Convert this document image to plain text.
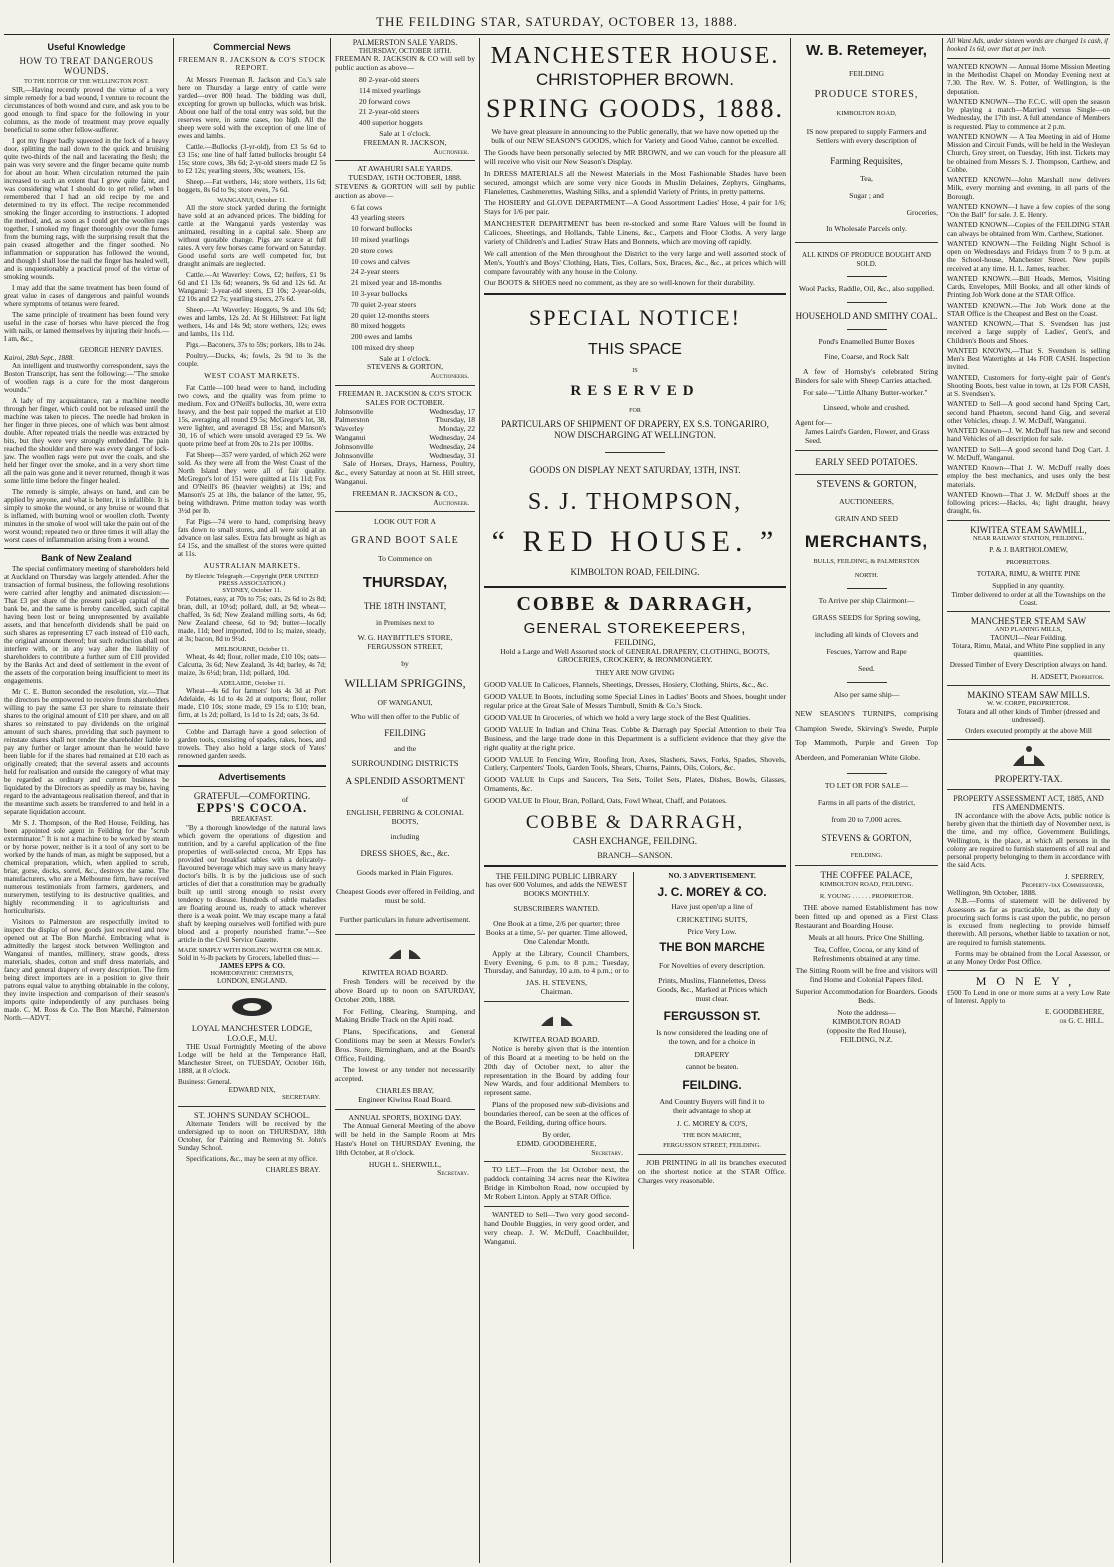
THE FEILDING STAR, SATURDAY, OCTOBER 13, 1888.
Useful Knowledge
HOW TO TREAT DANGEROUS WOUNDS.
TO THE EDITOR OF THE WELLINGTON POST.

SIR,—Having recently proved the virtue of a very simple remedy for a bad wound, I venture to recount the circumstances of both wound and cure, and ask you to be good enough to find space for the following in your columns, as the mode of treatment may prove equally beneficial to some other fellow-sufferer.

I got my finger badly squeezed in the lock of a heavy door, splitting the nail down to the quick and bruising quite two-thirds of the nail and lacerating the flesh; the pain was very severe and the finger became quite numb for about an hour. When circulation returned the pain increased to such an extent that I grew quite faint, and was considering what I should do to get relief, when I remembered that I had an old recipe by me and determined to try its effect. The recipe recommended smoking the finger according to instructions. I adopted the method, and, as soon as I could get the woollen rags together, I smoked my finger thoroughly over the fumes from the burning rags, with the surprising result that the pain ceased altogether and the finger soothed. No inflammation or suppuration has followed the wound, and though I shall lose the nail the finger has healed well, and is unquestionably a practical proof of the virtue of smoking wounds.

I may add that the same treatment has been found of great value in cases of dangerous and painful wounds where symptoms of tetanus were feared.

The same principle of treatment has been found very useful in the case of horses who have pierced the frog with nails, or lamed themselves by injuring their hoofs.—I am, &c.,

GEORGE HENRY DAVIES.
Kairoi, 28th Sept., 1888.

An intelligent and trustworthy correspondent, says the Boston Transcript, has sent the following:—"The smoke of woollen rags is a cure for the most dangerous wounds."

A lady of my acquaintance, ran a machine needle through her finger, which could not be released until the machine was taken to pieces. The needle had broken in her finger in three pieces, one of which was bent almost double. After repeated trials the needle was extracted by bits, but they were very strongly embedded. The pain reached the shoulder and there was every danger of lock-jaw. The woollen rags were put over the coals, and she held her finger over the smoke, and in a very short time all the pain was gone and it never returned, though it was some little time before the finger healed.

The remedy is simple, always on hand, and can be applied by anyone, and what is better, it is infallible. It is simply to smoke the wound, or any bruise or wound that is inflamed, with burning wool or woollen cloth. Twenty minutes in the smoke of wool will take the pain out of the worst wound; repeated two or three times it will allay the worst cases of inflammation arising from a wound.

Bank of New Zealand

The special confirmatory meeting of shareholders held at Auckland on Thursday was largely attended. After the transaction of formal business, the following resolutions were carried after lengthy and animated discussion:—That £3 per share of the present paid-up capital of the bank be, and the same is hereby cancelled, such capital having been lost or being unrepresented by available assets, and that henceforth dividends shall be paid on such shares as representing £7 each instead of £10 each, the original amount thereof; but such reduction shall not interfere with, or in any way alter the liability of shareholders to contribute a further sum of £10 provided by the Banks Act and deed of settlement in the event of the assets of the corporation being insufficient to meet its engagements.

Mr C. E. Button seconded the resolution, viz.—That the directors be empowered to receive from shareholders willing to pay the same £3 per share to reinstate their shares to the original amount of £10 per share, and on all shares so reinstated to pay dividends on the original amount of such shares, providing that such payment to reinstate shares shall not render the shareholder liable to pay any further or larger amount than he would have been liable for if the shares had remained at £10 each as originally created; that the several assets and accounts held for realisation and outside the category of what may be regarded as ordinary and current business be liquidated by the Directors as speedily as may be, having regard to the advantageous realisation thereof, and that in the meantime such assets be transferred to and held in a separate liquidation account.

Mr S. J. Thompson, of the Red House, Feilding, has been appointed sole agent in Feilding for the "scrub exterminator." It is not a machine to be worked by steam or by horse power, neither is it a tool of any sort to be worked by the hands of man, as might be supposed, but a chemical preparation, which, when applied to scrub, briar, gorse, docks, sorrel, &c., destroys the same. The manufacturers, who are a Melbourne firm, have received numerous testimonials from farmers, gardeners, and nurserymen, testifying to its destructive qualities, and highly recommending it to agriculturists and horticulturists.

Visitors to Palmerston are respectfully invited to inspect the display of new goods just received and now opened out at The Bon Marché. Embracing what is admittedly the largest stock between Wellington and Wanganui of mantles, millinery, straw goods, dress materials, shades, cotton and stuff dress materials, and fancy and general drapery of every description. The firm being direct importers are in a position to give their patrons equal value to anything obtainable in the colony, they invite inspection and comparison of their season's imports quite independently of any purchases being made. C. M. Ross & Co. The Bon Marché, Palmerston North.—ADVT.

Commercial News
FREEMAN R. JACKSON & CO'S STOCK REPORT.

At Messrs Freeman R. Jackson and Co.'s sale here on Thursday a large entry of cattle were yarded—over 800 head. The bidding was dull, excepting for grown up bullocks, which was brisk. About one half of the total entry was sold, but the reserves were, in some cases, too high. All the sheep were sold with the exception of one line of ewes and lambs.

Cattle.—Bullocks (3-yr-old), from £3 5s 6d to £3 15s; one line of half fatted bullocks brought £4 15s; store cows, 38s 6d; 2-yr-old steers made £2 5s to £2 12s; yearling steers, 30s; weaners, 15s.

Sheep.—Fat wethers, 14s; store wethers, 11s 6d; hoggets, 8s 6d to 9s; store ewes, 7s 6d.

WANGANUI, October 11.

All the store stock yarded during the fortnight have sold at an advanced prices. The bidding for cattle at the Wanganui yards yesterday was animated, resulting in a capital sale. Sheep are without quotable change. Pigs are scarce at full rates. A very few horses came forward on Saturday. Good useful sorts are well competed for, but draught animals are neglected.

Cattle.—At Waverley: Cows, £2; heifers, £1 9s 6d and £1 13s 6d; weaners, 9s 6d and 12s 6d. At Wanganui: 3-year-old steers, £3 10s; 2-year-olds, £2 10s and £2 7s; yearling steers, 27s 6d.

Sheep.—At Waverley: Hoggets, 9s and 10s 6d; ewes and lambs, 12s 2d. At St Hillstreet: Fat light wethers, 14s and 14s 9d; store wethers, 12s; ewes and lambs, 11s 11d.

Pigs.—Baconers, 37s to 59s; porkers, 18s to 24s.

Poultry.—Ducks, 4s; fowls, 2s 9d to 3s the couple.

WEST COAST MARKETS.

Fat Cattle—100 head were to hand, including two cows, and the quality was from prime to medium. Fox and O'Neill's bullocks, 30, were extra heavy, and the best pair topped the market at £10 15s, averaging all round £9 5s; McGregor's lot, 38, were lighter, and averaged £8 15s; and Manson's 30, 16 of which were unsold averaged £9 5s. We quote prime beef at from 20s to 21s per 100lbs.

Fat Sheep—357 were yarded, of which 262 were sold. As they were all from the West Coast of the North Island they were all of fair quality. McGregor's lot of 151 were quitted at 11s 11d; Fox and O'Neill's 86 (heavier weights) at 19s; and Manson's 25 at 18s, the balance of the latter, 95, being withdrawn. Prime mutton today was worth 3½d per lb.

Fat Pigs—74 were to hand, comprising heavy fats down to small stores, and all were sold at an advance on last sales. Extra fats brought as high as £4 15s, and the smallest of the stores were quitted at 11s.

AUSTRALIAN MARKETS.
By Electric Telegraph.—Copyright (PER UNITED PRESS ASSOCIATION.)
SYDNEY, October 11.

Potatoes, easy, at 70s to 75s; oats, 2s 6d to 2s 8d; bran, dull, at 10½d; pollard, dull, at 9d; wheat—chaffed, 3s 6d; New Zealand milling sorts, 4s 6d; New Zealand cheese, 6d to 9d; butter—locally made, 11d; beef imported, 10d to 1s; maize, steady, at 3s; bacon, 8d to 9½d.

MELBOURNE, October 11.

Wheat, 4s 4d; flour, roller made, £10 10s; oats—Calcutta, 3s 6d; New Zealand, 3s 4d; barley, 4s 7d; maize, 3s 6½d; bran, 11d; pollard, 10d.

ADELAIDE, October 11.

Wheat—4s 6d for farmers' lots 4s 3d at Port Adelaide, 4s 1d to 4s 2d at outports; flour, roller made, £10 10s; stone made, £9 15s to £10; bran, firm, at 1s 2d; pollard, 1s 1d to 1s 2d; oats, 3s 6d.

Cobbe and Darragh have a good selection of garden tools, consisting of spades, rakes, hoes, and trowels. They also hold a large stock of Yates' renowned garden seeds.

Advertisements
GRATEFUL—COMFORTING.
EPPS'S COCOA.
BREAKFAST.

"By a thorough knowledge of the natural laws which govern the operations of digestion and nutrition, and by a careful application of the fine properties of well-selected cocoa, Mr Epps has provided our breakfast tables with a delicately-flavoured beverage which may save us many heavy doctor's bills. It is by the judicious use of such articles of diet that a constitution may be gradually built up until strong enough to resist every tendency to disease. Hundreds of subtle maladies are floating around us, ready to attack wherever there is a weak point. We may escape many a fatal shaft by keeping ourselves well fortified with pure blood and a properly nourished frame."—See article in the Civil Service Gazette.

MADE SIMPLY WITH BOILING WATER OR MILK.
Sold in ½-lb packets by Grocers, labelled thus:—
JAMES EPPS & CO.
HOMŒOPATHIC CHEMISTS,
LONDON, ENGLAND.
LOYAL MANCHESTER LODGE, I.O.O.F., M.U.

THE Usual Fortnightly Meeting of the above Lodge will be held at the Temperance Hall, Manchester Street, on TUESDAY, October 16th, 1888, at 8 o'clock.

Business: General.
EDWARD NIX,
SECRETARY.
ST. JOHN'S SUNDAY SCHOOL.

Alternate Tenders will be received by the undersigned up to noon on THURSDAY, 18th October, for Painting and Removing St. John's Sunday School.

Specifications, &c., may be seen at my office.

CHARLES BRAY.
PALMERSTON SALE YARDS.
THURSDAY, OCTOBER 18TH.

FREEMAN R. JACKSON & CO will sell by public auction as above—

80 2-year-old steers
114 mixed yearlings
20 forward cows
21 2-year-old steers
400 superior hoggets
Sale at 1 o'clock.
FREEMAN R. JACKSON,
Auctioneer.
AT AWAHURI SALE YARDS.
TUESDAY, 16TH OCTOBER, 1888.

STEVENS & GORTON will sell by public auction as above—

6 fat cows
43 yearling steers
10 forward bullocks
10 mixed yearlings
20 store cows
10 cows and calves
24 2-year steers
21 mixed year and 18-months
10 3-year bullocks
70 quiet 2-year steers
20 quiet 12-months steers
80 mixed hoggets
200 ewes and lambs
100 mixed dry sheep
Sale at 1 o'clock.
STEVENS & GORTON,
Auctioneers.
FREEMAN R. JACKSON & CO'S STOCK SALES FOR OCTOBER.
Johnsonville	Wednesday, 17
Palmerston	Thursday, 18
Waverley	Monday, 22
Wanganui	Wednesday, 24
Johnsonville	Wednesday, 24
Johnsonville	Wednesday, 31

Sale of Horses, Drays, Harness, Poultry, &c., every Saturday at noon at St. Hill street, Wanganui.

FREEMAN R. JACKSON & CO.,
Auctioneer.
LOOK OUT FOR A
GRAND BOOT SALE
To Commence on
THURSDAY,
THE 18TH INSTANT,
in Premises next to
W. G. HAYBITTLE'S STORE, FERGUSSON STREET,
by
WILLIAM SPRIGGINS,
OF WANGANUI,
Who will then offer to the Public of
FEILDING
and the
SURROUNDING DISTRICTS
A SPLENDID ASSORTMENT
of
ENGLISH, FEBRING & COLONIAL BOOTS,
including
DRESS SHOES, &c., &c.
Goods marked in Plain Figures.
Cheapest Goods ever offered in Feilding, and must be sold.
Further particulars in future advertisement.
KIWITEA ROAD BOARD.

Fresh Tenders will be received by the above Board up to noon on SATURDAY, October 20th, 1888.

For Felling, Clearing, Stumping, and Making Bridle Track on the Apiti road.

Plans, Specifications, and General Conditions may be seen at Messrs Fowler's Bros. Store, Birmingham, and at the Board's Office, Feilding.

The lowest or any tender not necessarily accepted.

CHARLES BRAY,
Engineer Kiwitea Road Board.
ANNUAL SPORTS, BOXING DAY.

The Annual General Meeting of the above will be held in the Sample Room at Mrs Haste's Hotel on THURSDAY Evening, the 18th October, at 8 o'clock.

HUGH L. SHERWILL,
Secretary.
MANCHESTER HOUSE.
CHRISTOPHER BROWN.
SPRING GOODS, 1888.

We have great pleasure in announcing to the Public generally, that we have now opened up the bulk of our NEW SEASON'S GOODS, which for Variety and Good Value, cannot be excelled.

The Goods have been personally selected by MR BROWN, and we can vouch for the pleasure all will receive who visit our New Season's Display.

In DRESS MATERIALS all the Newest Materials in the Most Fashionable Shades have been secured, amongst which are some very nice Goods in Muslin Delaines, Zephyrs, Ginghams, Flanelettes, Cashmerettes, Washing Silks, and a splendid Variety of Prints, in pretty patterns.

The HOSIERY and GLOVE DEPARTMENT—A Good Assortment Ladies' Hose, 4 pair for 1/6; Stays for 1/6 per pair.

MANCHESTER DEPARTMENT has been re-stocked and some Rare Values will be found in Calicoes, Sheetings, and Hollands, Table Linens, &c., Carpets and Floor Cloths. A very large variety of Children's and Ladies' Straw Hats and Bonnets, which are moving off rapidly.

We call attention of the Men throughout the District to the very large and well assorted stock of Men's, Youth's and Boys' Clothing, Hats, Ties, Collars, Sox, Braces, &c., &c., at prices which will compare favourably with any house in the Colony.

Our BOOTS & SHOES need no comment, as they are so well-known for their durability.

SPECIAL NOTICE!
THIS SPACE
IS
RESERVED
FOR
PARTICULARS OF SHIPMENT OF DRAPERY, EX S.S. TONGARIRO, NOW DISCHARGING AT WELLINGTON.
GOODS ON DISPLAY NEXT SATURDAY, 13TH, INST.
S. J. THOMPSON,
“ RED HOUSE. ”
KIMBOLTON ROAD, FEILDING.
COBBE & DARRAGH,
GENERAL STOREKEEPERS,
FEILDING,

Hold a Large and Well Assorted stock of GENERAL DRAPERY, CLOTHING, BOOTS, GROCERIES, CROCKERY, & IRONMONGERY.

THEY ARE NOW GIVING

GOOD VALUE In Calicoes, Flannels, Sheetings, Dresses, Hosiery, Clothing, Shirts, &c., &c.

GOOD VALUE In Boots, including some Special Lines in Ladies' Boots and Shoes, bought under regular price at the Great Sale of Messrs Turnbull, Smith & Co.'s Stock.

GOOD VALUE In Groceries, of which we hold a very large stock of the Best Qualities.

GOOD VALUE In Indian and China Teas. Cobbe & Darragh pay Special Attention to their Tea Business, and the large trade done in this Department is a sufficient evidence that they give the right quality at the right price.

GOOD VALUE In Fencing Wire, Roofing Iron, Axes, Slashers, Saws, Forks, Spades, Shovels, Cutlery, Carpenters' Tools, Garden Tools, Shears, Churns, Paints, Oils, Colors, &c.

GOOD VALUE In Cups and Saucers, Tea Sets, Toilet Sets, Plates, Dishes, Bowls, Glasses, Ornaments, &c.

GOOD VALUE In Flour, Bran, Pollard, Oats, Fowl Wheat, Chaff, and Potatoes.

COBBE & DARRAGH,
CASH EXCHANGE, FEILDING.
BRANCH—SANSON.
THE FEILDING PUBLIC LIBRARY

has over 600 Volumes, and adds the NEWEST BOOKS MONTHLY.

SUBSCRIBERS WANTED.

One Book at a time, 2/6 per quarter; three Books at a time, 5/- per quarter. Time allowed, One Calendar Month.

Apply at the Library, Council Chambers, Every Evening, 6 p.m. to 8 p.m.; Tuesday, Thursday, and Saturday, 10 a.m. to 4 p.m.; or to

JAS. H. STEVENS,
Chairman.
KIWITEA ROAD BOARD.

Notice is hereby given that is the intention of this Board at a meeting to be held on the 20th day of October next, to alter the representation in the Board by adding four New Wards, and four additional Members to represent same.

Plans of the proposed new sub-divisions and boundaries thereof, can be seen at the offices of the Board, Feilding, during office hours.

By order,
EDMD. GOODBEHERE,
Secretary.

TO LET—From the 1st October next, the paddock containing 34 acres near the Kiwitea Bridge in Kimbolton Road, now occupied by Mr Robert Linton. Apply at STAR Office.

WANTED to Sell—Two very good second-hand Double Buggies, in very good order, and very cheap. J. W. McDuff, Coachbuilder, Wanganui.

NO. 3 ADVERTISEMENT.
J. C. MOREY & CO.
Have just open'up a line of
CRICKETING SUITS,
Price Very Low.
THE BON MARCHE
For Novelties of every description.
Prints, Muslins, Flannelettes, Dress Goods, &c., Marked at Prices which must clear.
FERGUSSON ST.
Is now considered the leading one of the town, and for a choice in
DRAPERY
cannot be beaten.
FEILDING.
And Country Buyers will find it to their advantage to shop at
J. C. MOREY & CO'S,
THE BON MARCHE,
FERGUSSON STREET, FEILDING.

JOB PRINTING in all its branches executed on the shortest notice at the STAR Office. Charges very reasonable.

W. B. Retemeyer,
FEILDING
PRODUCE STORES,
KIMBOLTON ROAD,
IS now prepared to supply Farmers and Settlers with every description of
Farming Requisites,
Tea,
Sugar ; and
Groceries,
In Wholesale Parcels only.
ALL KINDS OF PRODUCE BOUGHT AND SOLD.
Wool Packs, Raddle, Oil, &c., also supplied.
HOUSEHOLD AND SMITHY COAL.
Pond's Enamelled Butter Boxes
Fine, Coarse, and Rock Salt

A few of Hornsby's celebrated String Binders for sale with Sheep Carries attached.

For sale—"Little Albany Butter-worker."

Linseed, whole and crushed.
Agent for—
James Laird's Garden, Flower, and Grass Seed.
EARLY SEED POTATOES.
STEVENS & GORTON,
AUCTIONEERS,
GRAIN AND SEED
MERCHANTS,
BULLS, FEILDING, & PALMERSTON
NORTH.
To Arrive per ship Clairmont—
GRASS SEEDS for Spring sowing,
including all kinds of Clovers and
Fescues, Yarrow and Rape
Seed.
Also per same ship—

NEW SEASON'S TURNIPS, comprising Champion Swede, Skirving's Swede, Purple Top Mammoth, Purple and Green Top Aberdeen, and Pomeranian White Globe.

TO LET OR FOR SALE—
Farms in all parts of the district,
from 20 to 7,000 acres.
STEVENS & GORTON,
FEILDING.
THE COFFEE PALACE,
KIMBOLTON ROAD, FEILDING.
R. YOUNG . . . . . . PROPRIETOR.

THE above named Establishment has now been fitted up and opened as a First Class Restaurant and Boarding House.

Meals at all hours. Price One Shilling.

Tea, Coffee, Cocoa, or any kind of Refreshments obtained at any time.

The Sitting Room will be free and visitors will find Home and Colonial Papers filed.

Superior Accommodation for Boarders. Goods Beds.

Note the address—
KIMBOLTON ROAD
(opposite the Red House),
FEILDING, N.Z.
All Want Ads, under sixteen words are charged 1s cash, if booked 1s 6d, over that at per inch.

WANTED KNOWN — Annual Home Mission Meeting in the Methodist Chapel on Monday Evening next at 7.30. The Rev. W. S. Potter, of Wellington, is the deputation.

WANTED KNOWN—The F.C.C. will open the season by playing a match—Married versus Single—on Wednesday, the 17th inst. A full attendance of Members is requested. Play to commence at 2 p.m.

WANTED KNOWN — A Tea Meeting in aid of Home Mission and Circuit Funds, will be held in the Wesleyan Church, Grey street, on Tuesday, 16th inst. Tickets may be obtained from Messrs S. J. Thompson, Carthew, and Cobbe.

WANTED KNOWN—John Marshall now delivers Milk, every morning and evening, in all parts of the Borough.

WANTED KNOWN—I have a few copies of the song "On the Ball" for sale. J. E. Henry.

WANTED KNOWN—Copies of the FEILDING STAR can always be obtained from Wm. Carthew, Stationer.

WANTED KNOWN—The Feilding Night School is open on Wednesdays and Fridays from 7 to 9 p.m. at the School-house, Manchester Street. New pupils received at any time. H. L. James, teacher.

WANTED KNOWN.—Bill Heads, Memos, Visiting Cards, Envelopes, Mill Books, and all other kinds of Printing Job Work done at the STAR Office.

WANTED KNOWN.—The Job Work done at the STAR Office is the Cheapest and Best on the Coast.

WANTED KNOWN,—That S. Svendsen has just received a large supply of Ladies', Gent's, and Children's Boots and Shoes.

WANTED KNOWN,—That S. Svendsen is selling Men's Best Watertights at 14s FOR CASH. Inspection invited.

WANTED, Customers for forty-eight pair of Gent's Shooting Boots, best value in town, at 12s FOR CASH, at S. Svendsen's.

WANTED to Sell—A good second hand Spring Cart, second hand Phaeton, second hand Gig, and several other Vehicles, cheap. J. W. McDuff, Wanganui.

WANTED Known—J. W. McDuff has new and second hand Vehicles of all description for sale.

WANTED to Sell—A good second hand Dog Cart. J. W. McDuff, Wanganui.

WANTED Known—That J. W. McDuff really does employ the best mechanics, and uses only the best materials.

WANTED Known—That J. W. McDuff shoes at the following prices:—Hacks, 4s; light draught, heavy draught, 6s.

KIWITEA STEAM SAWMILL,
NEAR RAILWAY STATION, FEILDING.
P. & J. BARTHOLOMEW,
PROPRIETORS.
TOTARA, RIMU, & WHITE PINE
Supplied in any quantity.

Timber delivered to order at all the Townships on the Coast.

MANCHESTER STEAM SAW
AND PLANING MILLS,
TAONUI—Near Feilding.

Totara, Rimu, Matai, and White Pine supplied in any quantities.

Dressed Timber of Every Description always on hand.

H. ADSETT, Proprietor.
MAKINO STEAM SAW MILLS.
W. W. CORPE, PROPRIETOR.

Totara and all other kinds of Timber (dressed and undressed).

Orders executed promptly at the above Mill

PROPERTY-TAX.
PROPERTY ASSESSMENT ACT, 1885, AND ITS AMENDMENTS.

IN accordance with the above Acts, public notice is hereby given that the thirtieth day of November next, is the time, and my office, Government Buildings, Wellington, is the place, at which all persons in the colony are required to furnish statements of all real and personal property belonging to them in accordance with the said Acts.

J. SPERREY,
Property-tax Commissioner,
Wellington, 9th October, 1888.

N.B.—Forms of statement will be delivered by Assessors as far as practicable, but, as the duty of procuring such forms is cast upon the public, no person is excused from neglecting to provide himself therewith. All persons, whether liable to taxation or not, are required to furnish statements.

Forms may be obtained from the Local Assessor, or at any Money Order Post Office.

MONEY,

£500 To Lend in one or more sums at a very Low Rate of Interest. Apply to

E. GOODBEHERE,
or G. C. HILL.
